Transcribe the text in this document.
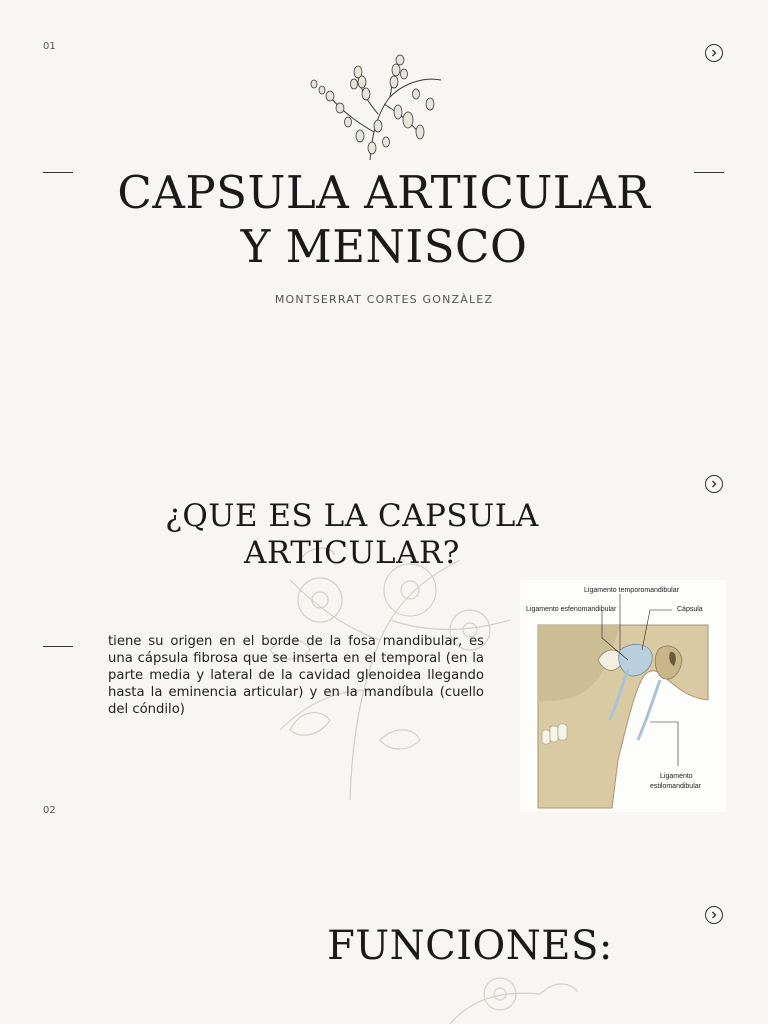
01
CAPSULA ARTICULAR
Y MENISCO
MONTSERRAT CORTES GONZÀLEZ
¿QUE ES LA CAPSULA
ARTICULAR?
tiene su origen en el borde de la fosa mandibular, es una cápsula fibrosa que se inserta en el temporal (en la parte media y lateral de la cavidad glenoidea llegando hasta la eminencia articular) y en la mandíbula (cuello del cóndilo)
02
Ligamento temporomandibular
Ligamento esfenomandibular	Cápsula
Ligamento
estilomandibular
FUNCIONES:
